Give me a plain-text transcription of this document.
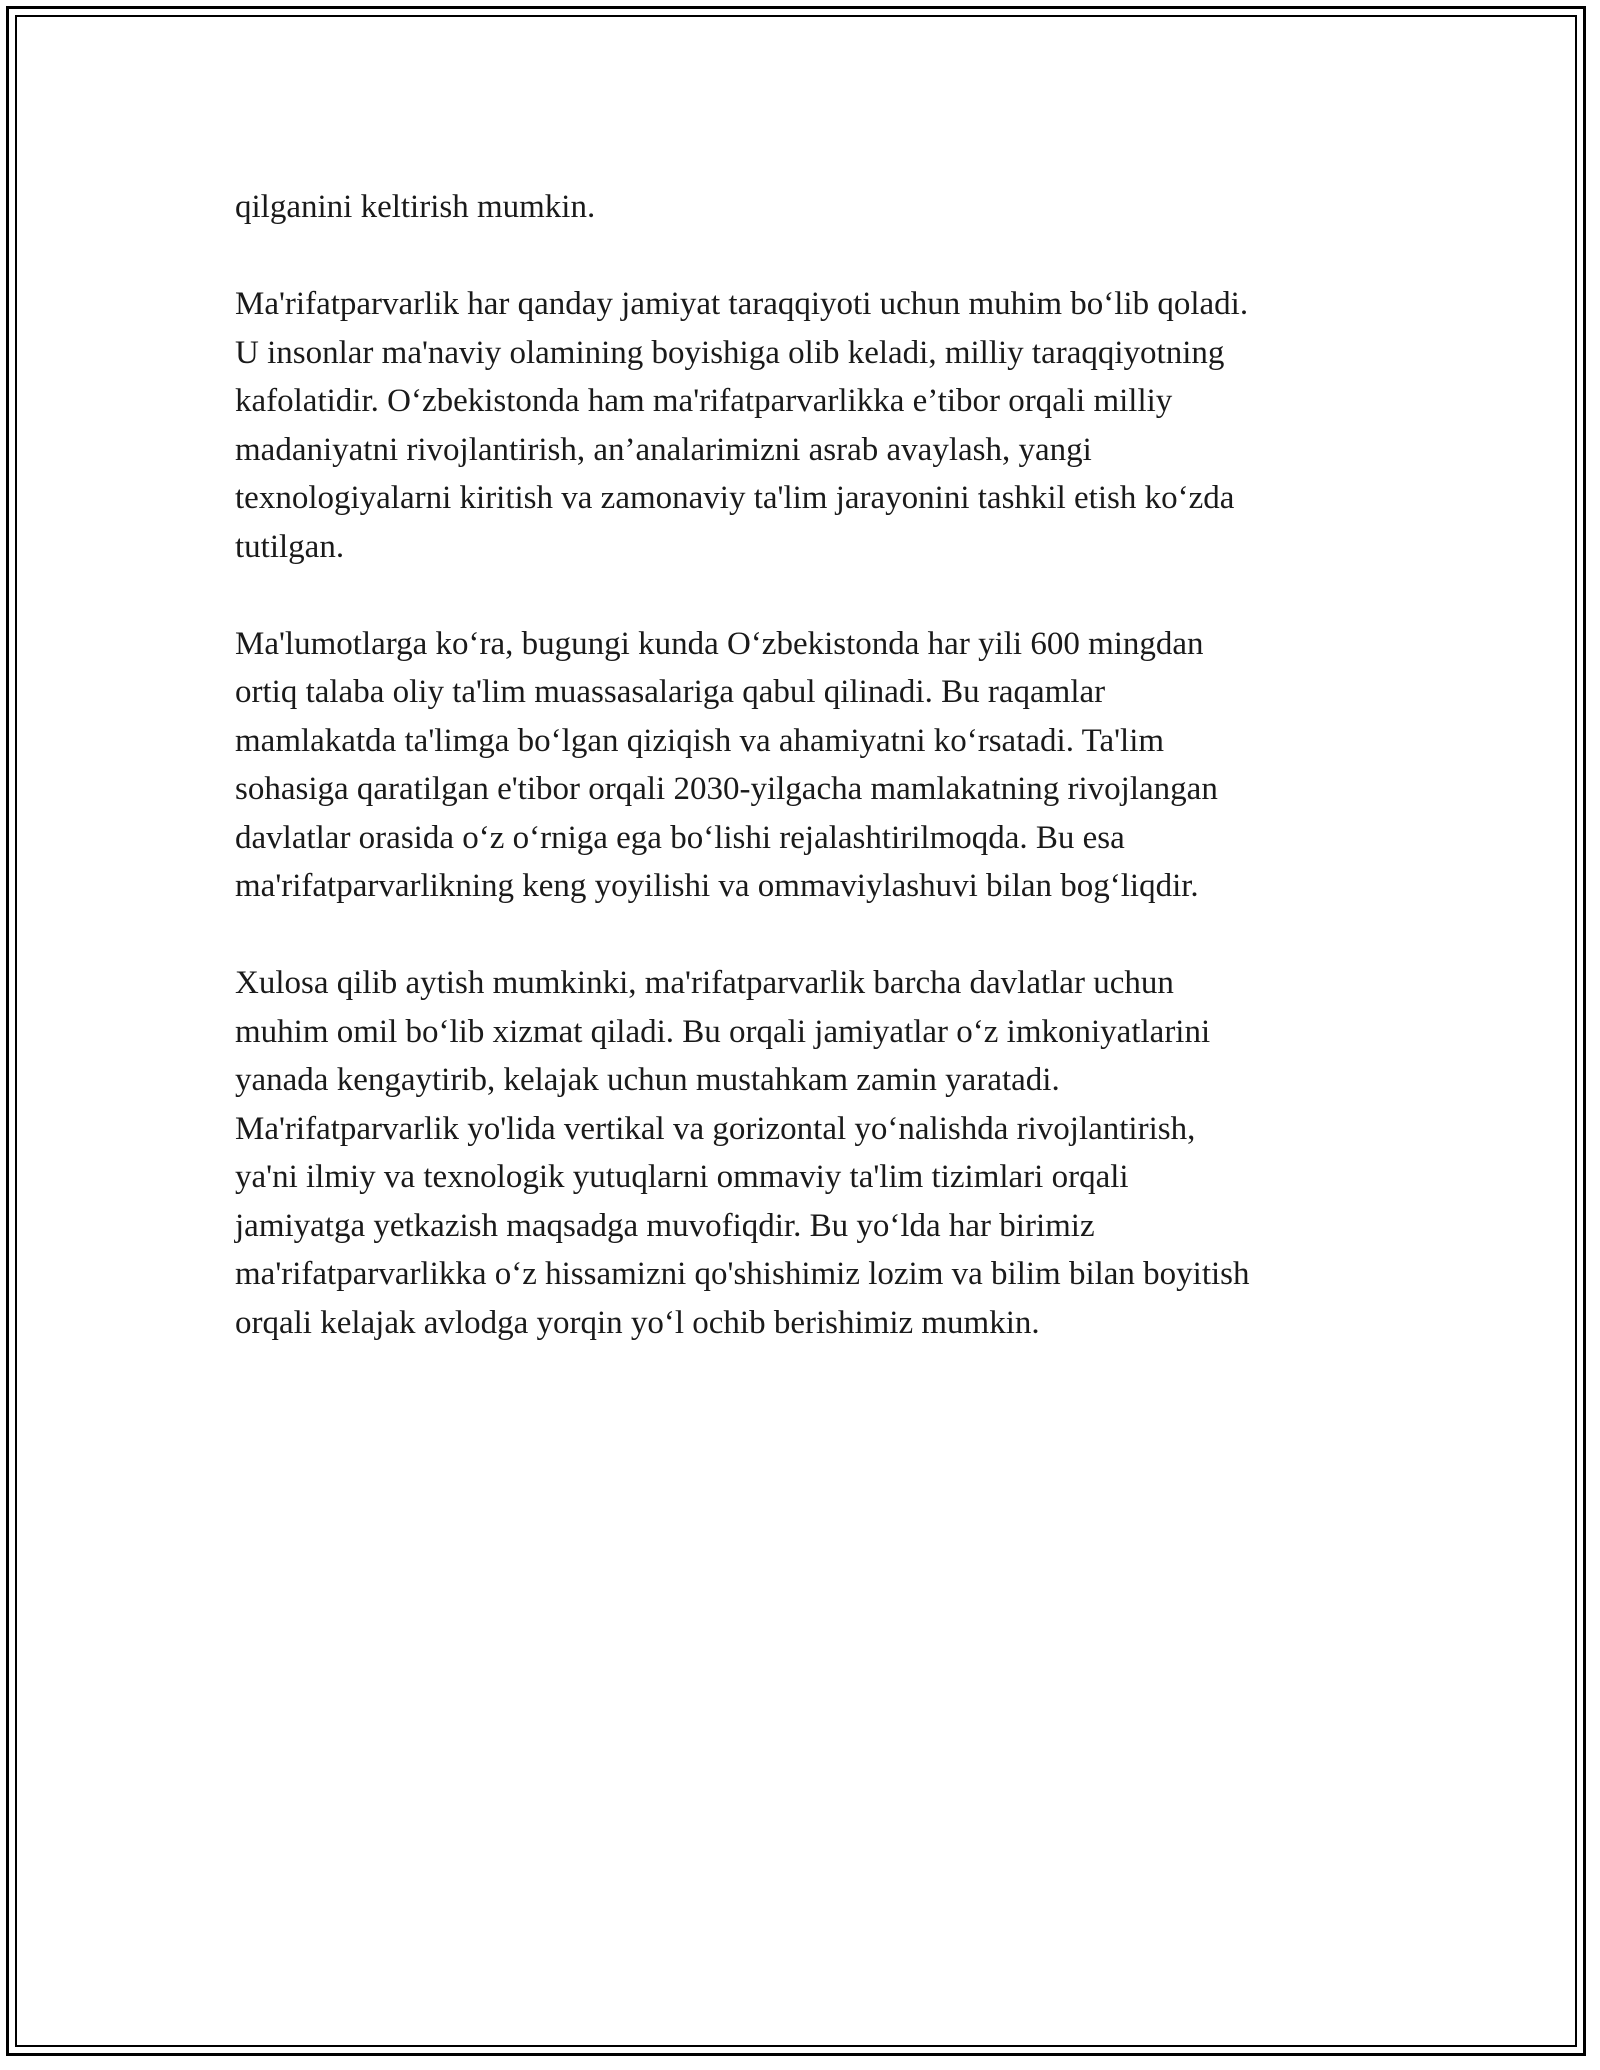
qilganini keltirish mumkin.

Ma'rifatparvarlik har qanday jamiyat taraqqiyoti uchun muhim boʻlib qoladi.
U insonlar ma'naviy olamining boyishiga olib keladi, milliy taraqqiyotning
kafolatidir. Oʻzbekistonda ham ma'rifatparvarlikka e’tibor orqali milliy
madaniyatni rivojlantirish, an’analarimizni asrab avaylash, yangi
texnologiyalarni kiritish va zamonaviy ta'lim jarayonini tashkil etish koʻzda
tutilgan.

Ma'lumotlarga koʻra, bugungi kunda Oʻzbekistonda har yili 600 mingdan
ortiq talaba oliy ta'lim muassasalariga qabul qilinadi. Bu raqamlar
mamlakatda ta'limga boʻlgan qiziqish va ahamiyatni koʻrsatadi. Ta'lim
sohasiga qaratilgan e'tibor orqali 2030-yilgacha mamlakatning rivojlangan
davlatlar orasida oʻz oʻrniga ega boʻlishi rejalashtirilmoqda. Bu esa
ma'rifatparvarlikning keng yoyilishi va ommaviylashuvi bilan bogʻliqdir.

Xulosa qilib aytish mumkinki, ma'rifatparvarlik barcha davlatlar uchun
muhim omil boʻlib xizmat qiladi. Bu orqali jamiyatlar oʻz imkoniyatlarini
yanada kengaytirib, kelajak uchun mustahkam zamin yaratadi.
Ma'rifatparvarlik yo'lida vertikal va gorizontal yoʻnalishda rivojlantirish,
ya'ni ilmiy va texnologik yutuqlarni ommaviy ta'lim tizimlari orqali
jamiyatga yetkazish maqsadga muvofiqdir. Bu yoʻlda har birimiz
ma'rifatparvarlikka oʻz hissamizni qo'shishimiz lozim va bilim bilan boyitish
orqali kelajak avlodga yorqin yoʻl ochib berishimiz mumkin.
